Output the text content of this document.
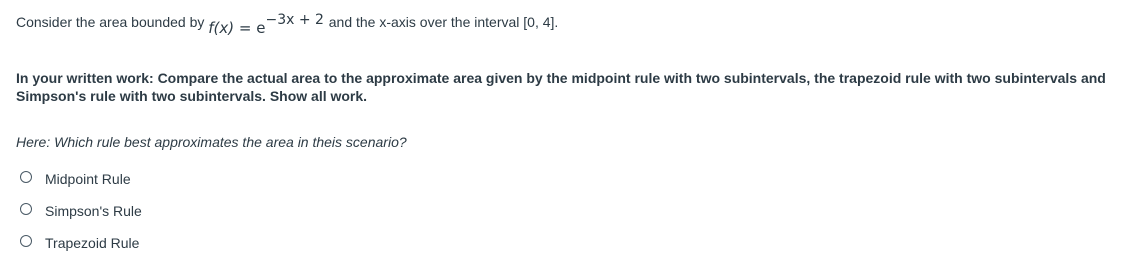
Consider the area bounded by f(x) = e−3x + 2 and the x-axis over the interval [0, 4].
In your written work: Compare the actual area to the approximate area given by the midpoint rule with two subintervals, the trapezoid rule with two subintervals and Simpson's rule with two subintervals. Show all work.
Here: Which rule best approximates the area in theis scenario?
Midpoint Rule
Simpson's Rule
Trapezoid Rule
